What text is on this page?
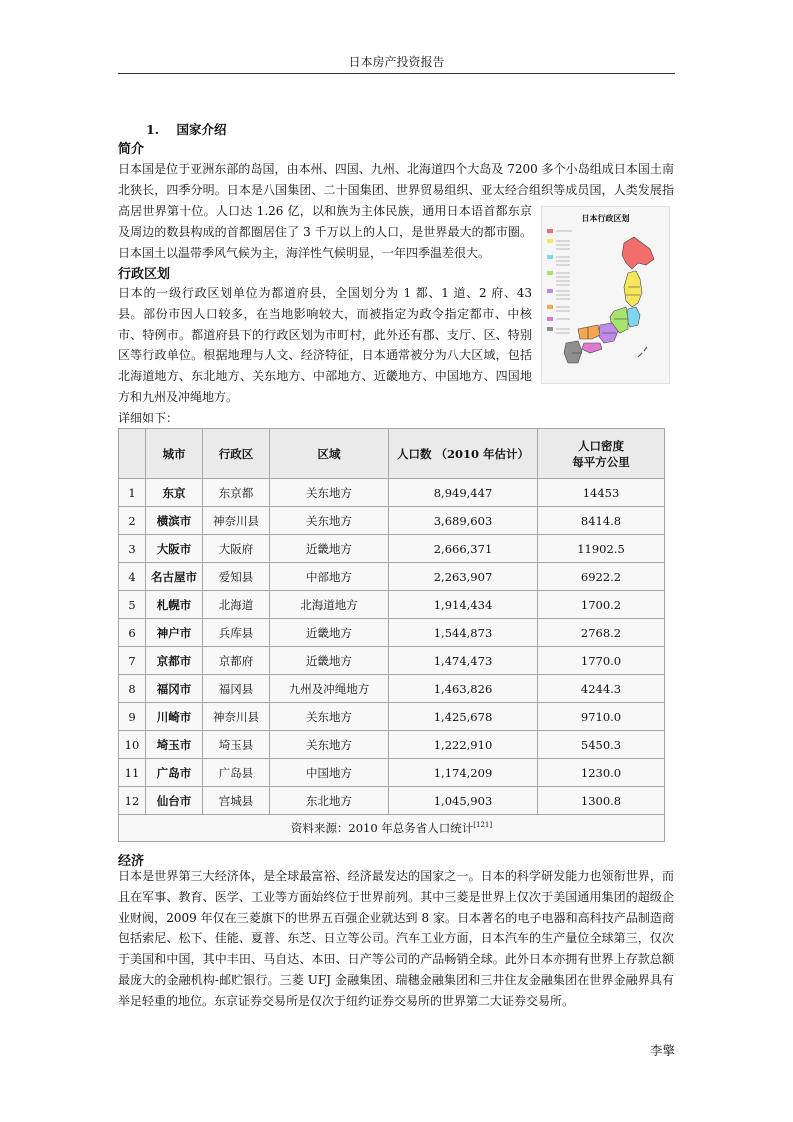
日本房产投资报告
1.    国家介绍
简介

日本国是位于亚洲东部的岛国，由本州、四国、九州、北海道四个大岛及 7200 多个小岛组成日本国土南北狭长，四季分明。日本是八国集团、二十国集团、世界贸易组织、亚太经合组织等成员国，人类发展指

高居世界第十位。人口达 1.26 亿，以和族为主体民族，通用日本语首都东京及周边的数县构成的首都圈居住了 3 千万以上的人口，是世界最大的都市圈。日本国土以温带季风气候为主，海洋性气候明显，一年四季温差很大。

行政区划

日本的一级行政区划单位为都道府县，全国划分为 1 都、1 道、2 府、43 县。部份市因人口较多，在当地影响较大，而被指定为政令指定都市、中核市、特例市。都道府县下的行政区划为市町村，此外还有郡、支厅、区、特别区等行政单位。根据地理与人文、经济特征，日本通常被分为八大区域，包括北海道地方、东北地方、关东地方、中部地方、近畿地方、中国地方、四国地方和九州及冲绳地方。

日本行政区划
详细如下：
	城市	行政区	区域	人口数 （2010 年估计）	人口密度
每平方公里

1	东京	东京都	关东地方	8,949,447	14453
2	横滨市	神奈川县	关东地方	3,689,603	8414.8
3	大阪市	大阪府	近畿地方	2,666,371	11902.5
4	名古屋市	爱知县	中部地方	2,263,907	6922.2
5	札幌市	北海道	北海道地方	1,914,434	1700.2
6	神户市	兵库县	近畿地方	1,544,873	2768.2
7	京都市	京都府	近畿地方	1,474,473	1770.0
8	福冈市	福冈县	九州及冲绳地方	1,463,826	4244.3
9	川崎市	神奈川县	关东地方	1,425,678	9710.0
10	埼玉市	埼玉县	关东地方	1,222,910	5450.3
11	广岛市	广岛县	中国地方	1,174,209	1230.0
12	仙台市	宫城县	东北地方	1,045,903	1300.8
资料来源：2010 年总务省人口统计[121]
经济

日本是世界第三大经济体，是全球最富裕、经济最发达的国家之一。日本的科学研发能力也领衔世界，而且在军事、教育、医学、工业等方面始终位于世界前列。其中三菱是世界上仅次于美国通用集团的超级企业财阀，2009 年仅在三菱旗下的世界五百强企业就达到 8 家。日本著名的电子电器和高科技产品制造商包括索尼、松下、佳能、夏普、东芝、日立等公司。汽车工业方面，日本汽车的生产量位全球第三，仅次于美国和中国，其中丰田、马自达、本田、日产等公司的产品畅销全球。此外日本亦拥有世界上存款总额最庞大的金融机构-邮贮银行。三菱 UFJ 金融集团、瑞穗金融集团和三井住友金融集团在世界金融界具有举足轻重的地位。东京证券交易所是仅次于纽约证券交易所的世界第二大证券交易所。

李擎
